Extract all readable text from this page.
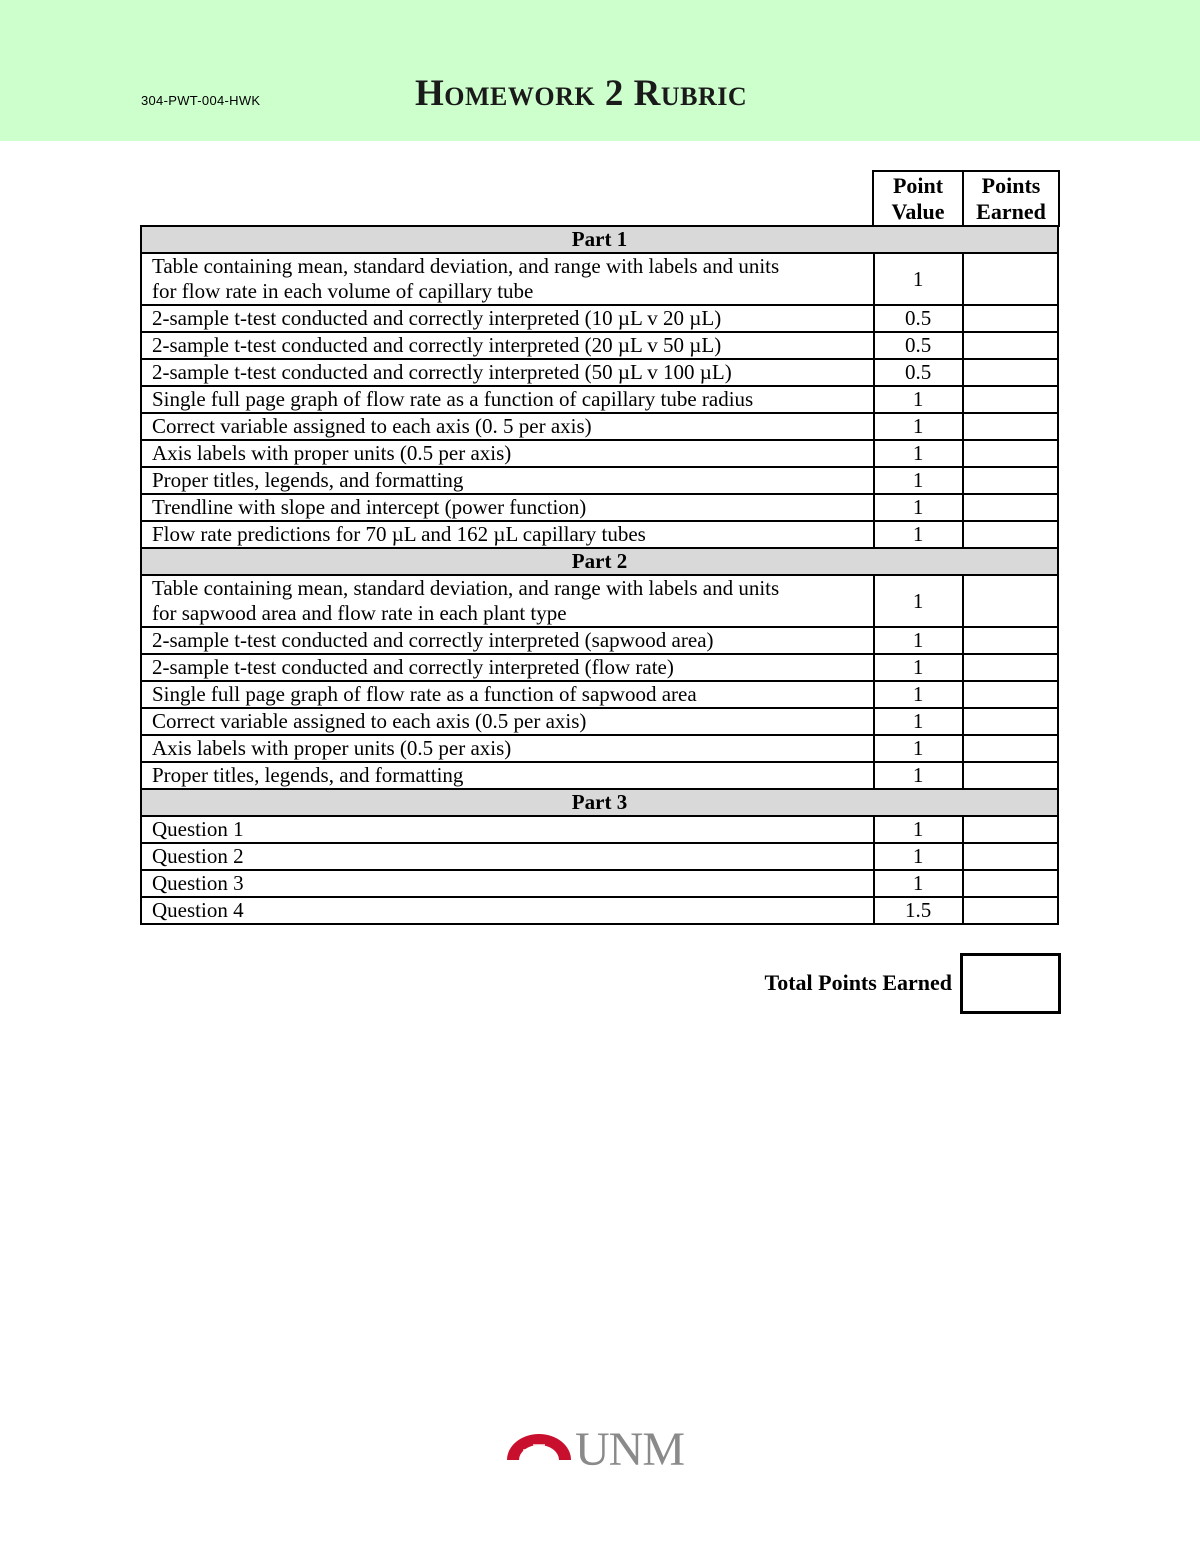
304-PWT-004-HWK	Homework 2 Rubric
Point
Value

Points
Earned
Part 1		

Table containing mean, standard deviation, and range with labels and units
for flow rate in each volume of capillary tube	1	

2-sample t-test conducted and correctly interpreted (10 µL v 20 µL)	0.5	

2-sample t-test conducted and correctly interpreted (20 µL v 50 µL)	0.5	

2-sample t-test conducted and correctly interpreted (50 µL v 100 µL)	0.5	

Single full page graph of flow rate as a function of capillary tube radius	1	

Correct variable assigned to each axis (0. 5 per axis)	1	

Axis labels with proper units (0.5 per axis)	1	

Proper titles, legends, and formatting	1	

Trendline with slope and intercept (power function)	1	

Flow rate predictions for 70 µL and 162 µL capillary tubes	1	
Part 2		

Table containing mean, standard deviation, and range with labels and units
for sapwood area and flow rate in each plant type	1	

2-sample t-test conducted and correctly interpreted (sapwood area)	1	

2-sample t-test conducted and correctly interpreted (flow rate)	1	

Single full page graph of flow rate as a function of sapwood area	1	

Correct variable assigned to each axis (0.5 per axis)	1	

Axis labels with proper units (0.5 per axis)	1	

Proper titles, legends, and formatting	1	
Part 3		

Question 1	1	

Question 2	1	

Question 3	1	

Question 4	1.5	
Total Points Earned
UNM
